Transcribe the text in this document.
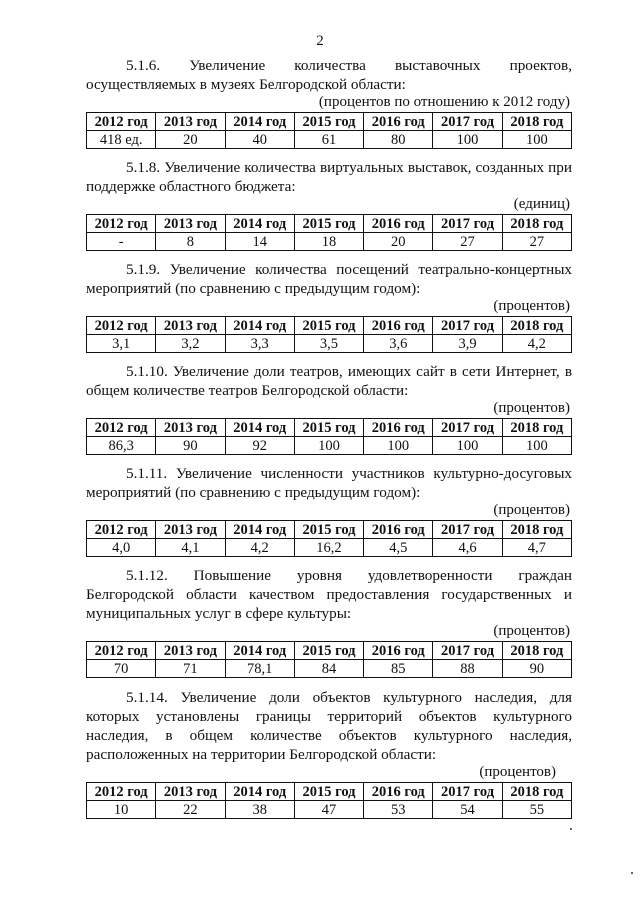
2

5.1.6. Увеличение количества выставочных проектов, осуществляемых в музеях Белгородской области:

(процентов по отношению к 2012 году)

2012 год	2013 год	2014 год	2015 год	2016 год	2017 год	2018 год
418 ед.	20	40	61	80	100	100

5.1.8. Увеличение количества виртуальных выставок, созданных при поддержке областного бюджета:

(единиц)

2012 год	2013 год	2014 год	2015 год	2016 год	2017 год	2018 год
-	8	14	18	20	27	27

5.1.9. Увеличение количества посещений театрально-концертных мероприятий (по сравнению с предыдущим годом):

(процентов)

2012 год	2013 год	2014 год	2015 год	2016 год	2017 год	2018 год
3,1	3,2	3,3	3,5	3,6	3,9	4,2

5.1.10. Увеличение доли театров, имеющих сайт в сети Интернет, в общем количестве театров Белгородской области:

(процентов)

2012 год	2013 год	2014 год	2015 год	2016 год	2017 год	2018 год
86,3	90	92	100	100	100	100

5.1.11. Увеличение численности участников культурно-досуговых мероприятий (по сравнению с предыдущим годом):

(процентов)

2012 год	2013 год	2014 год	2015 год	2016 год	2017 год	2018 год
4,0	4,1	4,2	16,2	4,5	4,6	4,7

5.1.12. Повышение уровня удовлетворенности граждан Белгородской области качеством предоставления государственных и муниципальных услуг в сфере культуры:

(процентов)

2012 год	2013 год	2014 год	2015 год	2016 год	2017 год	2018 год
70	71	78,1	84	85	88	90

5.1.14. Увеличение доли объектов культурного наследия, для которых установлены границы территорий объектов культурного наследия, в общем количестве объектов культурного наследия, расположенных на территории Белгородской области:

(процентов)

2012 год	2013 год	2014 год	2015 год	2016 год	2017 год	2018 год
10	22	38	47	53	54	55
